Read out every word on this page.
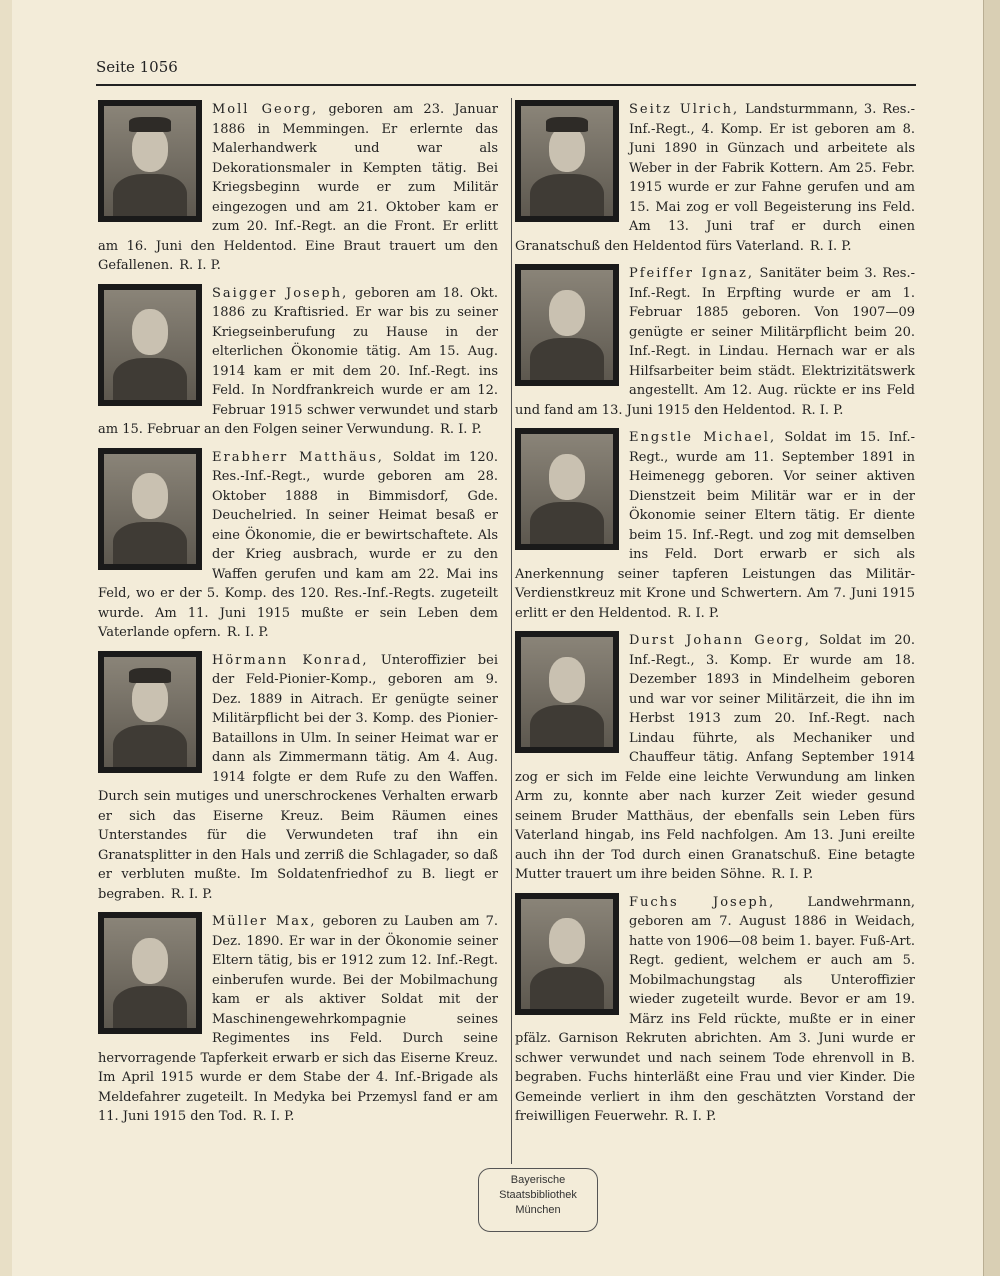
Seite 1056

Moll Georg, geboren am 23. Januar 1886 in Memmingen. Er erlernte das Malerhandwerk und war als Dekorationsmaler in Kempten tätig. Bei Kriegsbeginn wurde er zum Militär eingezogen und am 21. Oktober kam er zum 20. Inf.-Regt. an die Front. Er erlitt am 16. Juni den Heldentod. Eine Braut trauert um den Gefallenen. R. I. P.

Saigger Joseph, geboren am 18. Okt. 1886 zu Kraftisried. Er war bis zu seiner Kriegseinberufung zu Hause in der elterlichen Ökonomie tätig. Am 15. Aug. 1914 kam er mit dem 20. Inf.-Regt. ins Feld. In Nordfrankreich wurde er am 12. Februar 1915 schwer verwundet und starb am 15. Februar an den Folgen seiner Verwundung. R. I. P.

Erabherr Matthäus, Soldat im 120. Res.-Inf.-Regt., wurde geboren am 28. Oktober 1888 in Bimmisdorf, Gde. Deuchelried. In seiner Heimat besaß er eine Ökonomie, die er bewirtschaftete. Als der Krieg ausbrach, wurde er zu den Waffen gerufen und kam am 22. Mai ins Feld, wo er der 5. Komp. des 120. Res.-Inf.-Regts. zugeteilt wurde. Am 11. Juni 1915 mußte er sein Leben dem Vaterlande opfern. R. I. P.

Hörmann Konrad, Unteroffizier bei der Feld-Pionier-Komp., geboren am 9. Dez. 1889 in Aitrach. Er genügte seiner Militärpflicht bei der 3. Komp. des Pionier-Bataillons in Ulm. In seiner Heimat war er dann als Zimmermann tätig. Am 4. Aug. 1914 folgte er dem Rufe zu den Waffen. Durch sein mutiges und unerschrockenes Verhalten erwarb er sich das Eiserne Kreuz. Beim Räumen eines Unterstandes für die Verwundeten traf ihn ein Granatsplitter in den Hals und zerriß die Schlagader, so daß er verbluten mußte. Im Soldatenfriedhof zu B. liegt er begraben. R. I. P.

Müller Max, geboren zu Lauben am 7. Dez. 1890. Er war in der Ökonomie seiner Eltern tätig, bis er 1912 zum 12. Inf.-Regt. einberufen wurde. Bei der Mobilmachung kam er als aktiver Soldat mit der Maschinengewehrkompagnie seines Regimentes ins Feld. Durch seine hervorragende Tapferkeit erwarb er sich das Eiserne Kreuz. Im April 1915 wurde er dem Stabe der 4. Inf.-Brigade als Meldefahrer zugeteilt. In Medyka bei Przemysl fand er am 11. Juni 1915 den Tod. R. I. P.

Seitz Ulrich, Landsturmmann, 3. Res.-Inf.-Regt., 4. Komp. Er ist geboren am 8. Juni 1890 in Günzach und arbeitete als Weber in der Fabrik Kottern. Am 25. Febr. 1915 wurde er zur Fahne gerufen und am 15. Mai zog er voll Begeisterung ins Feld. Am 13. Juni traf er durch einen Granatschuß den Heldentod fürs Vaterland. R. I. P.

Pfeiffer Ignaz, Sanitäter beim 3. Res.-Inf.-Regt. In Erpfting wurde er am 1. Februar 1885 geboren. Von 1907—09 genügte er seiner Militärpflicht beim 20. Inf.-Regt. in Lindau. Hernach war er als Hilfsarbeiter beim städt. Elektrizitätswerk angestellt. Am 12. Aug. rückte er ins Feld und fand am 13. Juni 1915 den Heldentod. R. I. P.

Engstle Michael, Soldat im 15. Inf.-Regt., wurde am 11. September 1891 in Heimenegg geboren. Vor seiner aktiven Dienstzeit beim Militär war er in der Ökonomie seiner Eltern tätig. Er diente beim 15. Inf.-Regt. und zog mit demselben ins Feld. Dort erwarb er sich als Anerkennung seiner tapferen Leistungen das Militär-Verdienstkreuz mit Krone und Schwertern. Am 7. Juni 1915 erlitt er den Heldentod. R. I. P.

Durst Johann Georg, Soldat im 20. Inf.-Regt., 3. Komp. Er wurde am 18. Dezember 1893 in Mindelheim geboren und war vor seiner Militärzeit, die ihn im Herbst 1913 zum 20. Inf.-Regt. nach Lindau führte, als Mechaniker und Chauffeur tätig. Anfang September 1914 zog er sich im Felde eine leichte Verwundung am linken Arm zu, konnte aber nach kurzer Zeit wieder gesund seinem Bruder Matthäus, der ebenfalls sein Leben fürs Vaterland hingab, ins Feld nachfolgen. Am 13. Juni ereilte auch ihn der Tod durch einen Granatschuß. Eine betagte Mutter trauert um ihre beiden Söhne. R. I. P.

Fuchs Joseph, Landwehrmann, geboren am 7. August 1886 in Weidach, hatte von 1906—08 beim 1. bayer. Fuß-Art. Regt. gedient, welchem er auch am 5. Mobilmachungstag als Unteroffizier wieder zugeteilt wurde. Bevor er am 19. März ins Feld rückte, mußte er in einer pfälz. Garnison Rekruten abrichten. Am 3. Juni wurde er schwer verwundet und nach seinem Tode ehrenvoll in B. begraben. Fuchs hinterläßt eine Frau und vier Kinder. Die Gemeinde verliert in ihm den geschätzten Vorstand der freiwilligen Feuerwehr. R. I. P.

Bayerische
Staatsbibliothek
München
